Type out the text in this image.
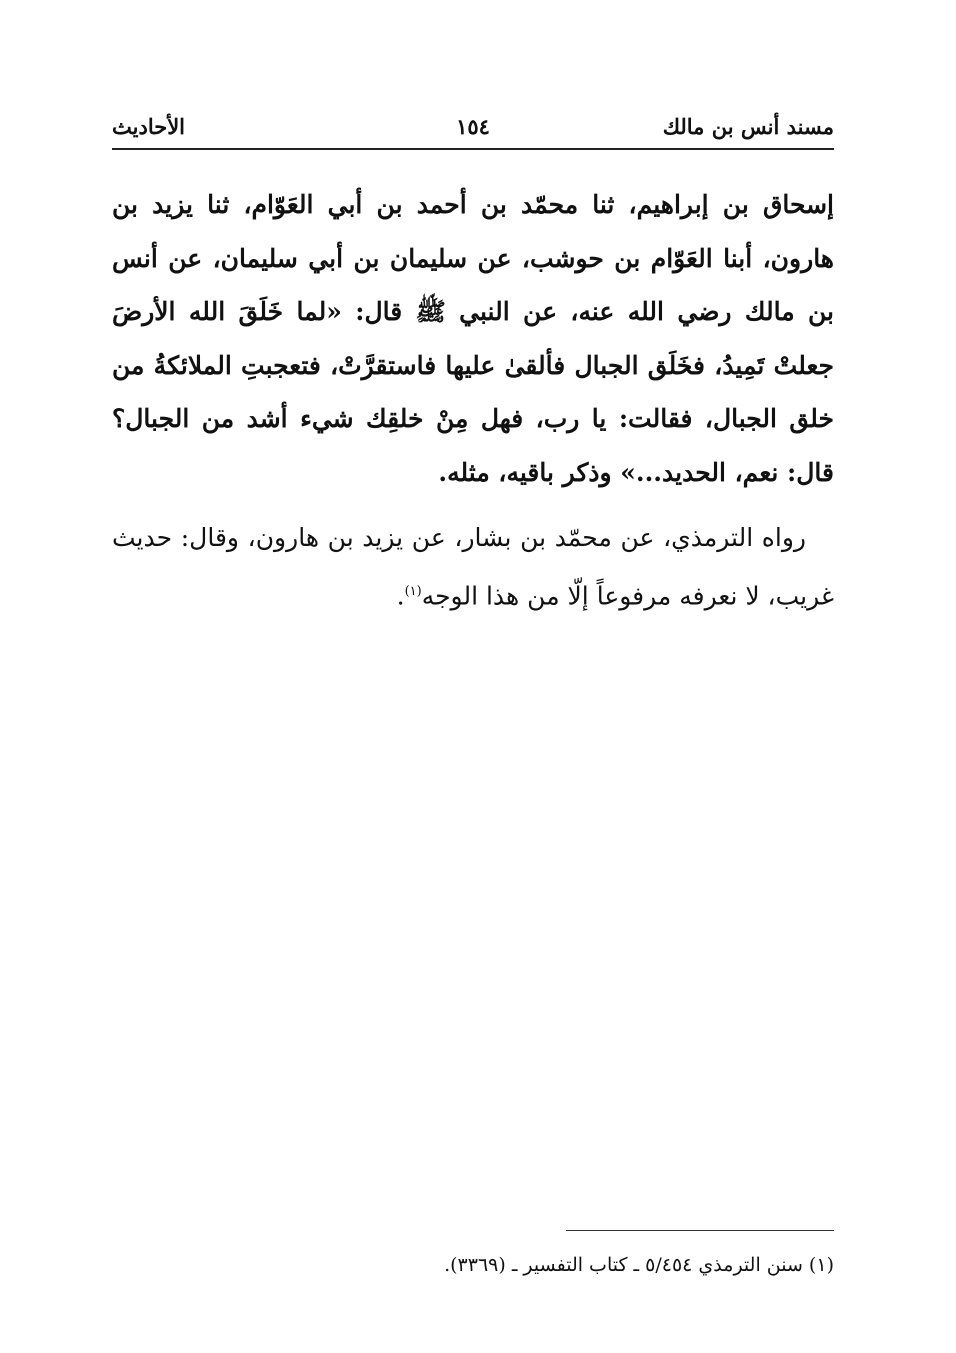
مسند أنس بن مالك
١٥٤
الأحاديث

إسحاق بن إبراهيم، ثنا محمّد بن أحمد بن أبي العَوّام، ثنا يزيد بن هارون، أبنا العَوّام بن حوشب، عن سليمان بن أبي سليمان، عن أنس بن مالك رضي الله عنه، عن النبي ﷺ قال: «لما خَلَقَ الله الأرضَ جعلتْ تَمِيدُ، فخَلَق الجبال فألقىٰ عليها فاستقرَّتْ، فتعجبتِ الملائكةُ من خلق الجبال، فقالت: يا رب، فهل مِنْ خلقِك شيء أشد من الجبال؟ قال: نعم، الحديد...» وذكر باقيه، مثله.

رواه الترمذي، عن محمّد بن بشار، عن يزيد بن هارون، وقال: حديث غريب، لا نعرفه مرفوعاً إلّا من هذا الوجه$^{(١)}$.

(١) سنن الترمذي ٥/٤٥٤ ـ كتاب التفسير ـ (٣٣٦٩).
